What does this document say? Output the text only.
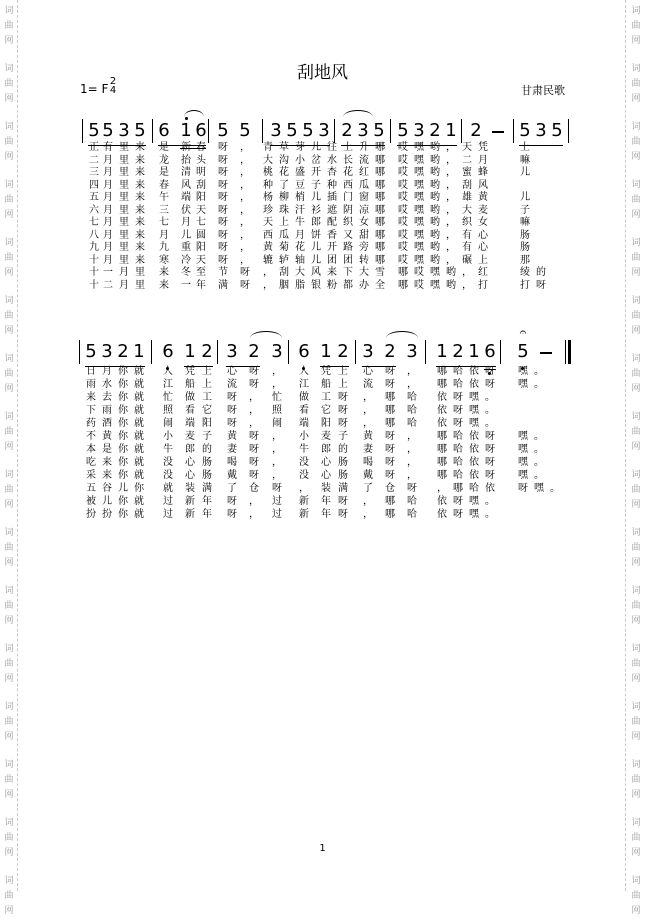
词
曲
网
词
曲
网
词
曲
网
词
曲
网
词
曲
网
词
曲
网
词
曲
网
词
曲
网
词
曲
网
词
曲
网
词
曲
网
词
曲
网
词
曲
网
词
曲
网
词
曲
网
词
曲
网
词
曲
网
词
曲
网
词
曲
网
词
曲
网
词
曲
网
词
曲
网
词
曲
网
词
曲
网
词
曲
网
词
曲
网
词
曲
网
词
曲
网
词
曲
网
词
曲
网
词
曲
网
词
曲
网
刮地风
1= F
2
4	甘肃民歌
5 5 3 5 6 1 6 5 5 3 5 5 3 2 3 5 5 3 2 1 2 5 3 5
正 有 里 来 是 新 春 呀 ， 青 草 芽 儿 往 上 升 哪 哎 嘿 哟 ， 天 凭	上
二 月 里 来 龙 抬 头 呀 ， 大 沟 小 岔 水 长 流 哪 哎 嘿 哟 ， 二 月	嘛
三 月 里 来 是 清 明 呀 ， 桃 花 盛 开 杏 花 红 哪 哎 嘿 哟 ， 蜜 蜂	儿
四 月 里 来 春 风 刮 呀 ， 种 了 豆 子 种 西 瓜 哪 哎 嘿 哟 ， 刮 风
五 月 里 来 午 端 阳 呀 ， 杨 柳 梢 儿 插 门 窗 哪 哎 嘿 哟 ， 雄 黄	儿
六 月 里 来 三 伏 天 呀 ， 珍 珠 汗 衫 遮 阴 凉 哪 哎 嘿 哟 ， 大 麦	子
七 月 里 来 七 月 七 呀 ， 天 上 牛 郎 配 织 女 哪 哎 嘿 哟 ， 织 女	嘛
八 月 里 来 月 儿 圆 呀 ， 西 瓜 月 饼 香 又 甜 哪 哎 嘿 哟 ， 有 心	肠
九 月 里 来 九 重 阳 呀 ， 黄 菊 花 儿 开 路 旁 哪 哎 嘿 哟 ， 有 心	肠
十 月 里 来 寒 冷 天 呀 ， 辘 轳 轴 儿 团 团 转 哪 哎 嘿 哟 ， 碾 上	那
十 一 月 里 来 冬 至 节 呀 ， 刮 大 风 来 下 大 雪 哪 哎 嘿 哟 ， 红	绫 的
十 二 月 里 来 一 年 满 呀 ， 胭 脂 银 粉 都 办 全 哪 哎 嘿 哟 ， 打	打 呀
5 3 2 1 6 1 2 3 2 3 6 1 2 3 2 3 1 2 1 6 5
𝄐
日 月 你 就 人 凭 上 心 呀 ， 人 凭 上 心 呀 ， 哪 哈 依 呀 嘿 。
雨 水 你 就 江 船 上 流 呀 ， 江 船 上 流 呀 ， 哪 哈 依 呀 嘿 。
来 去 你 就 忙 做 工 呀 ， 忙 做 工 呀 ， 哪 哈 依 呀 嘿 。
下 雨 你 就 照 看 它 呀 ， 照 看 它 呀 ， 哪 哈 依 呀 嘿 。
药 酒 你 就 闹 端 阳 呀 ， 闹 端 阳 呀 ， 哪 哈 依 呀 嘿 。
不 黄 你 就 小 麦 子 黄 呀 ， 小 麦 子 黄 呀 ， 哪 哈 依 呀 嘿 。
本 是 你 就 牛 郎 的 妻 呀 ， 牛 郎 的 妻 呀 ， 哪 哈 依 呀 嘿 。
吃 来 你 就 没 心 肠 喝 呀 ， 没 心 肠 喝 呀 ， 哪 哈 依 呀 嘿 。
采 来 你 就 没 心 肠 戴 呀 ， 没 心 肠 戴 呀 ， 哪 哈 依 呀 嘿 。
五 谷 儿 你 就 装 满 了 仓 呀 ， 装 满 了 仓 呀 ， 哪 哈 依 呀 嘿 。
被 儿 你 就 过 新 年 呀 ， 过 新 年 呀 ， 哪 哈 依 呀 嘿 。
扮 扮 你 就 过 新 年 呀 ， 过 新 年 呀 ， 哪 哈 依 呀 嘿 。
1
